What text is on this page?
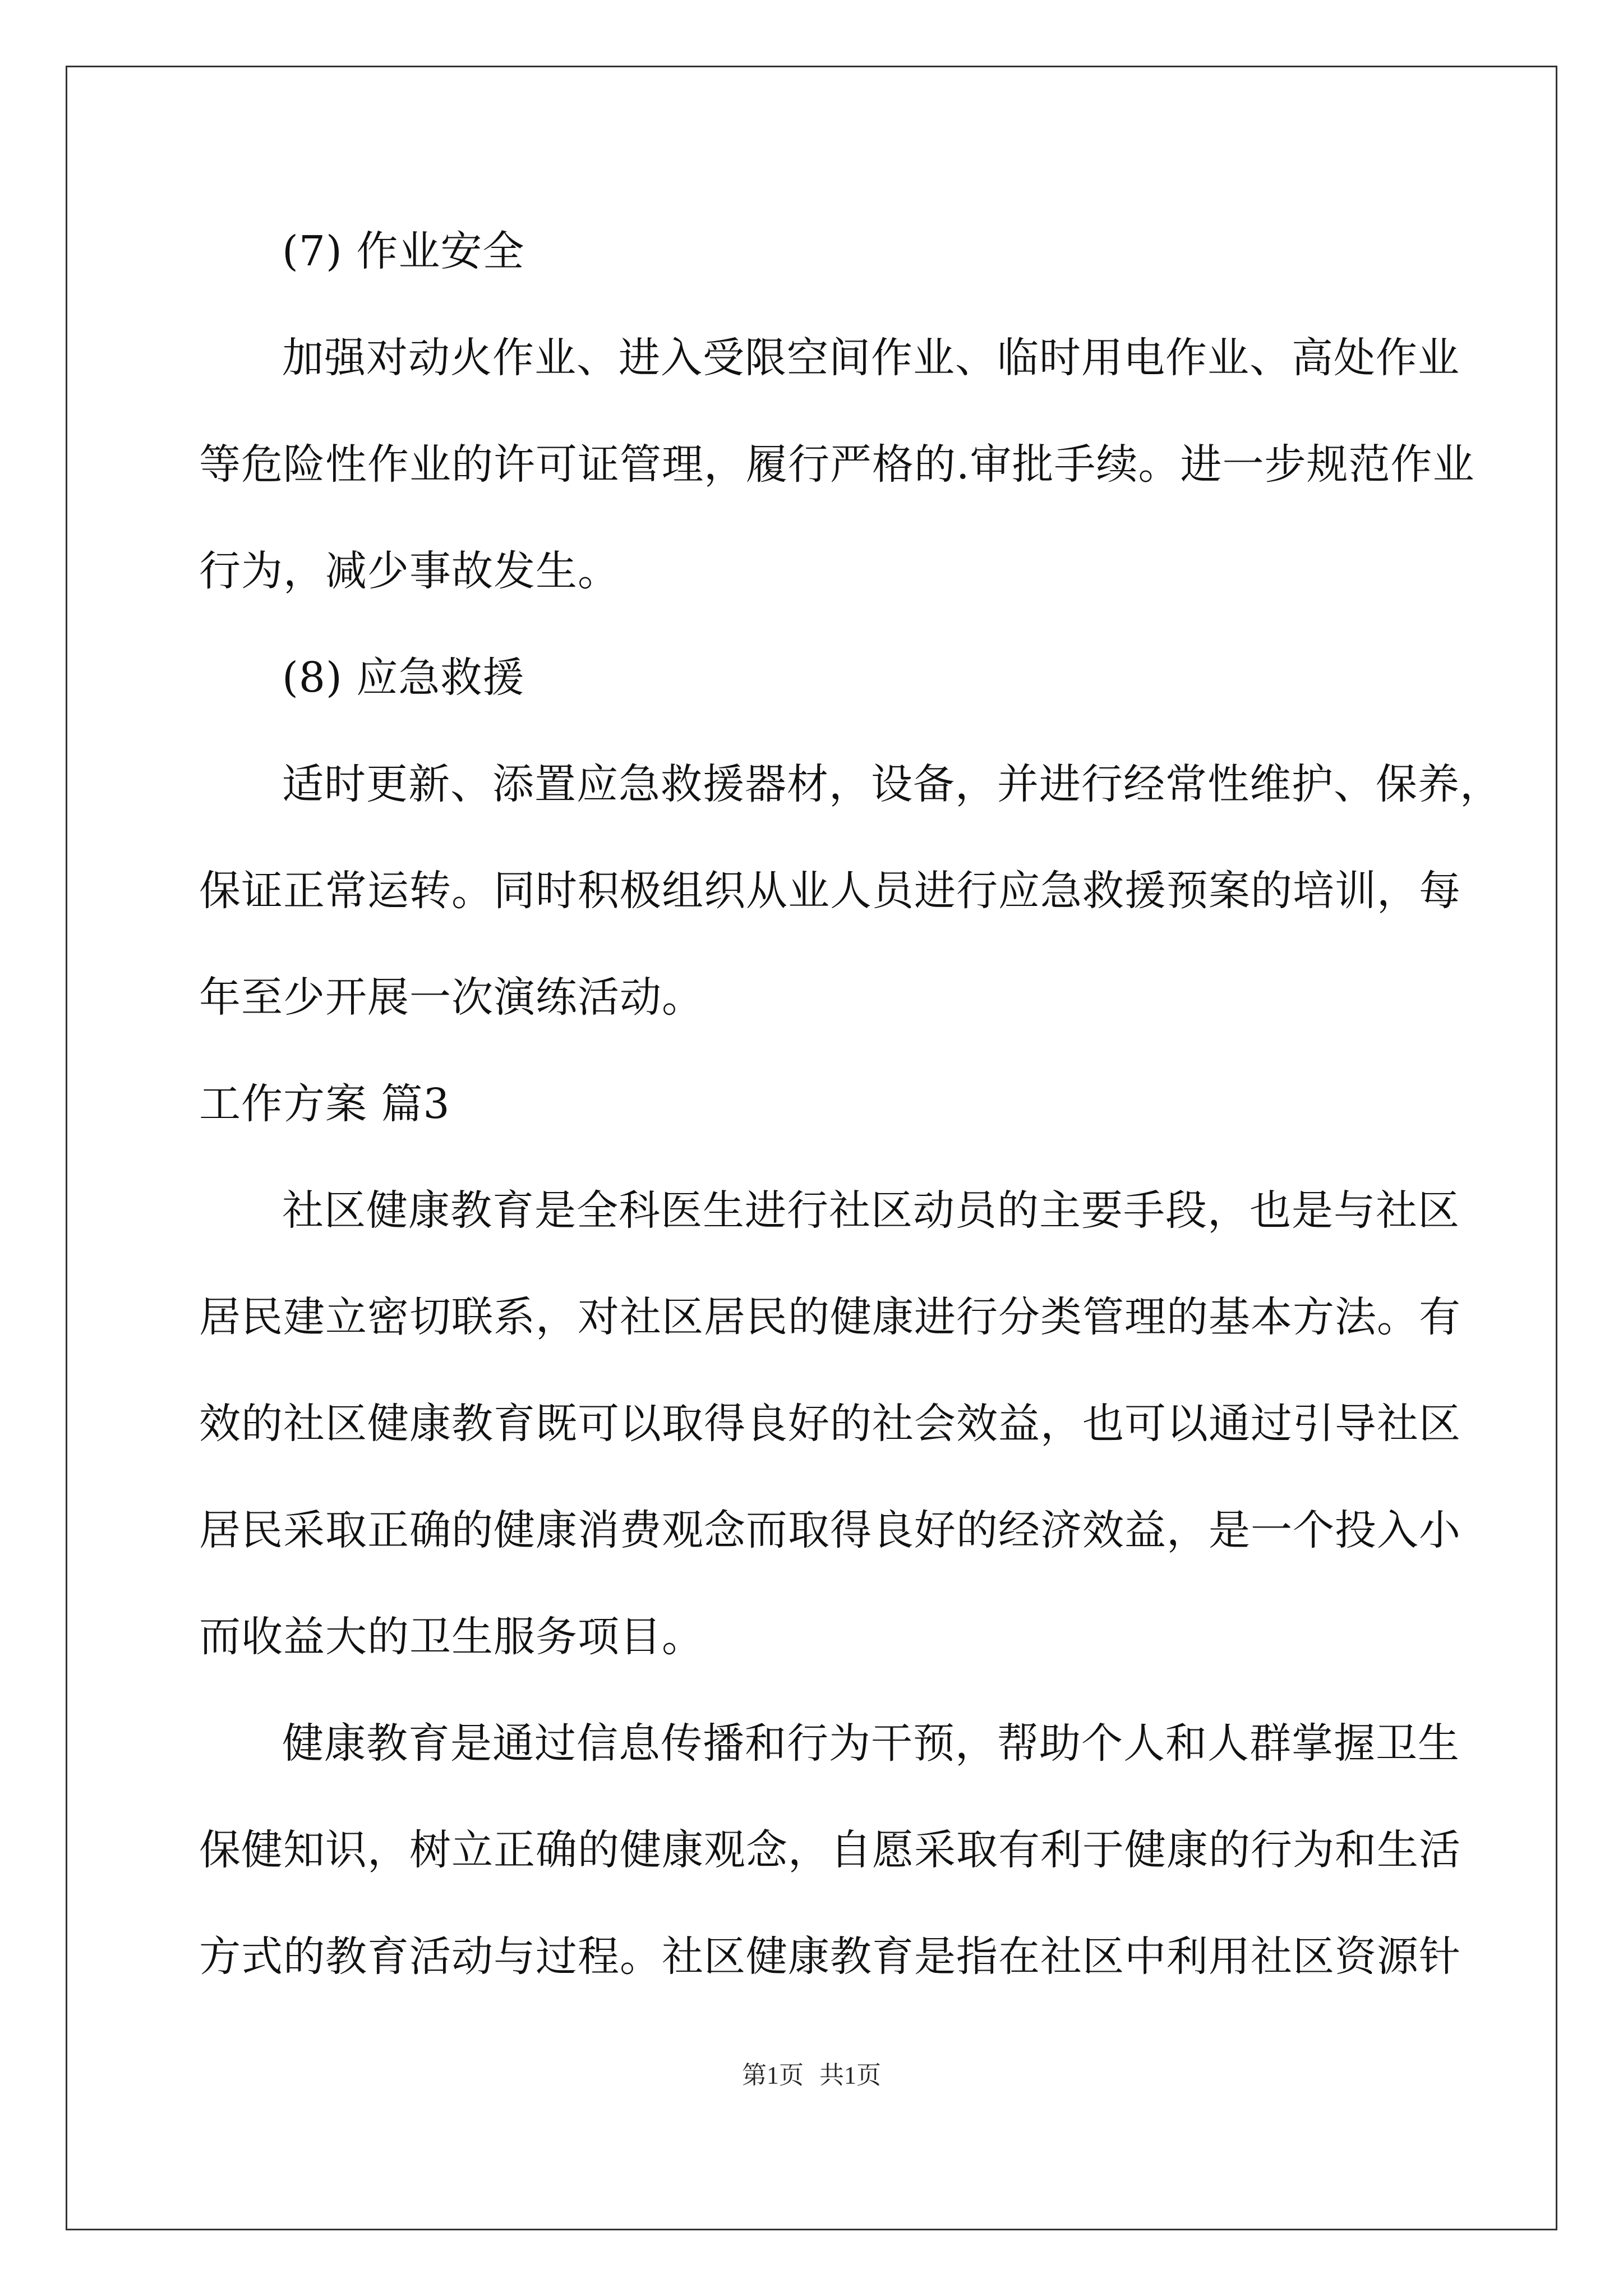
(7) 作业安全
加强对动火作业、进入受限空间作业、临时用电作业、高处作业
等危险性作业的许可证管理，履行严格的.审批手续。进一步规范作业
行为，减少事故发生。
(8) 应急救援
适时更新、添置应急救援器材，设备，并进行经常性维护、保养，
保证正常运转。同时积极组织从业人员进行应急救援预案的培训，每
年至少开展一次演练活动。
工作方案 篇3
社区健康教育是全科医生进行社区动员的主要手段，也是与社区
居民建立密切联系，对社区居民的健康进行分类管理的基本方法。有
效的社区健康教育既可以取得良好的社会效益，也可以通过引导社区
居民采取正确的健康消费观念而取得良好的经济效益，是一个投入小
而收益大的卫生服务项目。
健康教育是通过信息传播和行为干预，帮助个人和人群掌握卫生
保健知识，树立正确的健康观念，自愿采取有利于健康的行为和生活
方式的教育活动与过程。社区健康教育是指在社区中利用社区资源针
第1页 共1页
